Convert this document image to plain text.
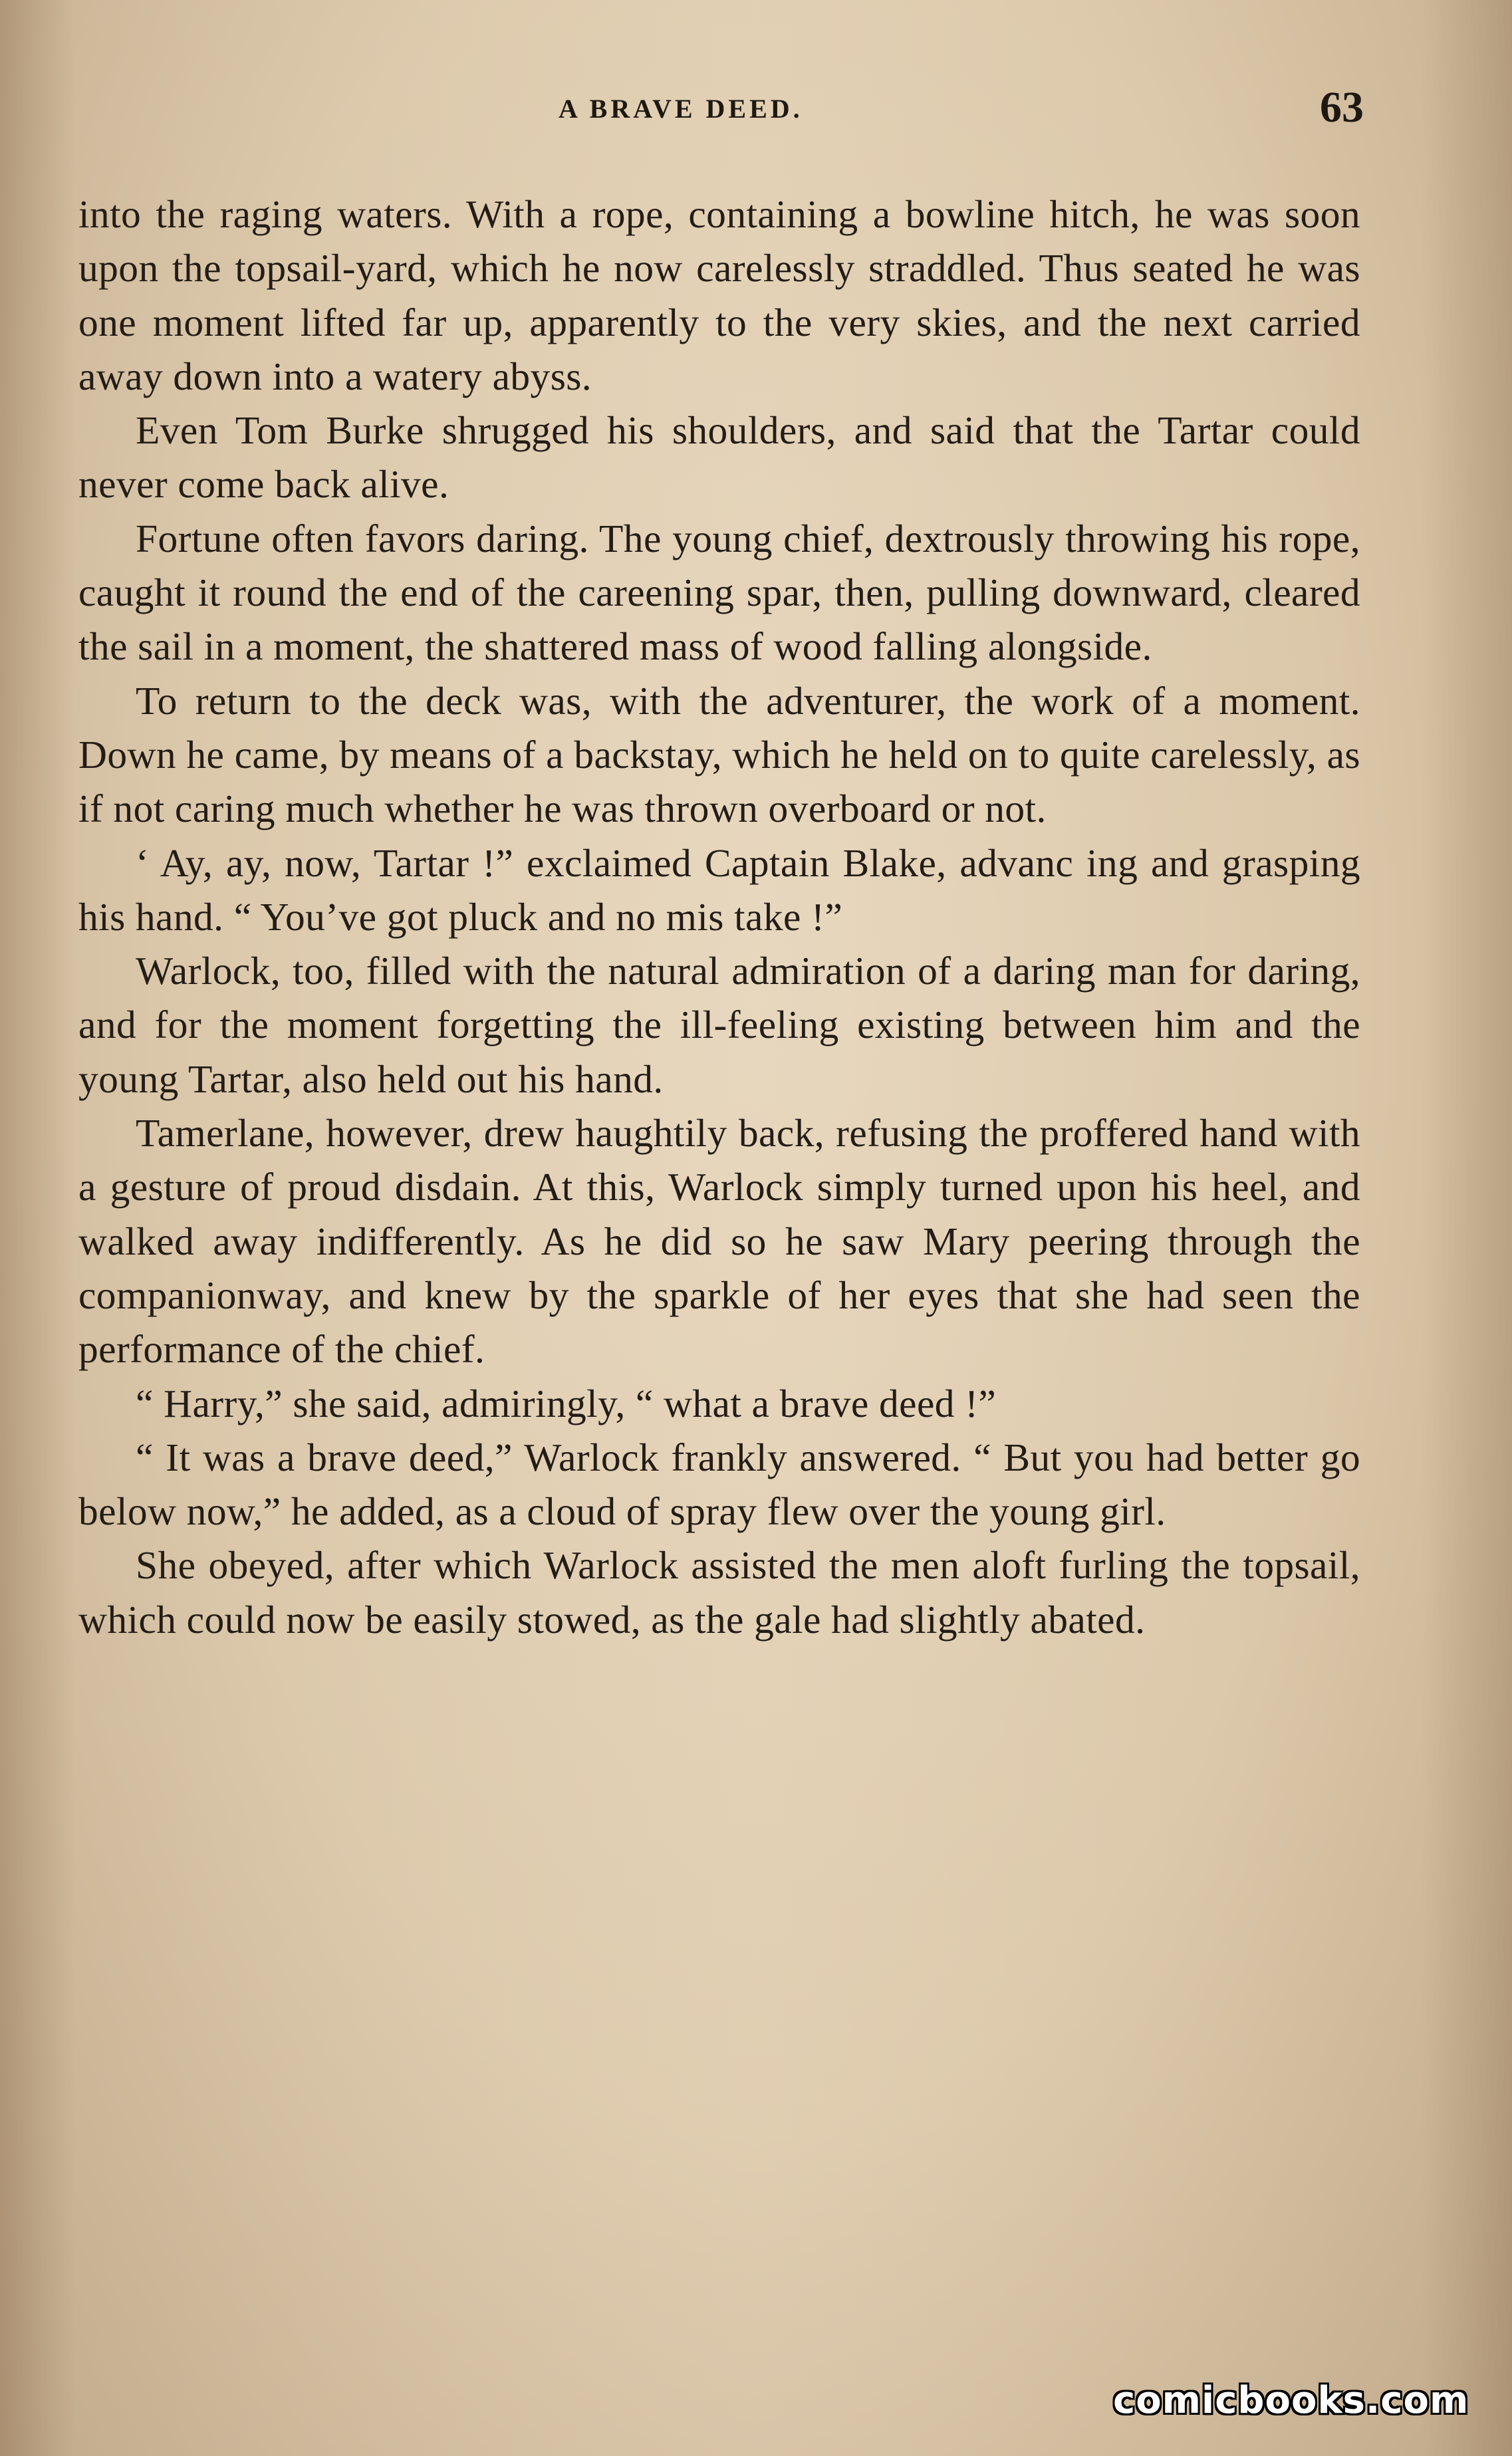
A BRAVE DEED.	63

into the raging waters. With a rope, containing a bowline hitch, he was soon upon the topsail-yard, which he now carelessly straddled. Thus seated he was one moment lifted far up, apparently to the very skies, and the next carried away down into a watery abyss.

Even Tom Burke shrugged his shoulders, and said that the Tartar could never come back alive.

Fortune often favors daring. The young chief, dextrously throwing his rope, caught it round the end of the careening spar, then, pulling downward, cleared the sail in a moment, the shattered mass of wood falling alongside.

To return to the deck was, with the adventurer, the work of a moment. Down he came, by means of a backstay, which he held on to quite carelessly, as if not caring much whether he was thrown overboard or not.

‘ Ay, ay, now, Tartar !” exclaimed Captain Blake, advanc ing and grasping his hand. “ You’ve got pluck and no mis take !”

Warlock, too, filled with the natural admiration of a daring man for daring, and for the moment forgetting the ill-feeling existing between him and the young Tartar, also held out his hand.

Tamerlane, however, drew haughtily back, refusing the proffered hand with a gesture of proud disdain. At this, Warlock simply turned upon his heel, and walked away indifferently. As he did so he saw Mary peering through the companionway, and knew by the sparkle of her eyes that she had seen the performance of the chief.

“ Harry,” she said, admiringly, “ what a brave deed !”

“ It was a brave deed,” Warlock frankly answered. “ But you had better go below now,” he added, as a cloud of spray flew over the young girl.

She obeyed, after which Warlock assisted the men aloft furling the topsail, which could now be easily stowed, as the gale had slightly abated.

comicbooks.com
